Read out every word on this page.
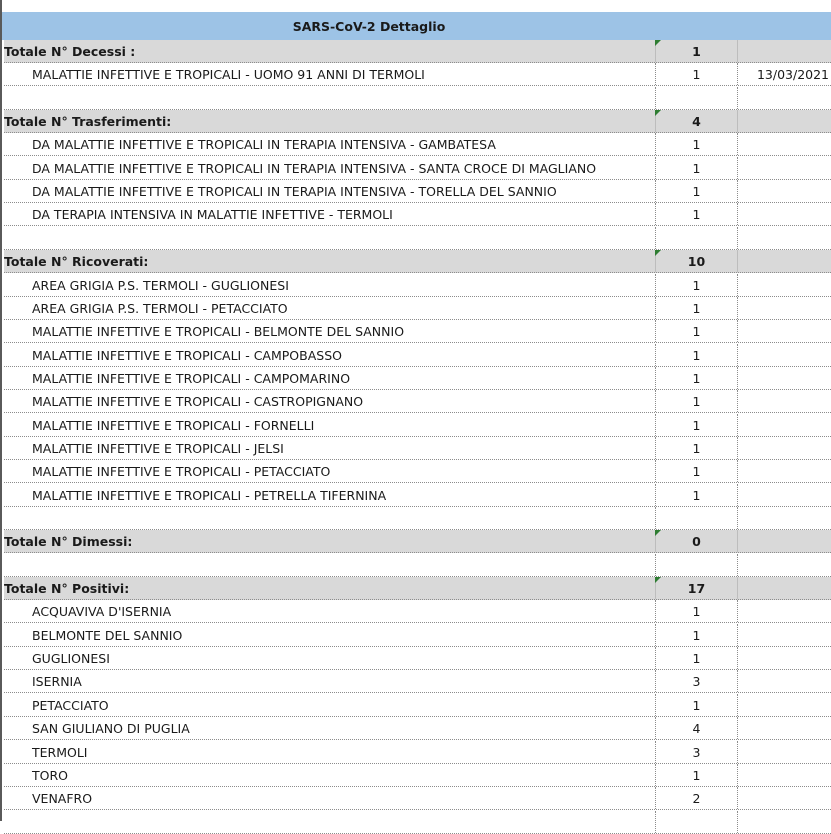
SARS-CoV-2 Dettaglio
Totale N° Decessi :	1
MALATTIE INFETTIVE E TROPICALI - UOMO 91 ANNI DI TERMOLI	1	13/03/2021
Totale N° Trasferimenti:	4
DA MALATTIE INFETTIVE E TROPICALI IN TERAPIA INTENSIVA - GAMBATESA	1
DA MALATTIE INFETTIVE E TROPICALI IN TERAPIA INTENSIVA - SANTA CROCE DI MAGLIANO	1
DA MALATTIE INFETTIVE E TROPICALI IN TERAPIA INTENSIVA - TORELLA DEL SANNIO	1
DA TERAPIA INTENSIVA IN MALATTIE INFETTIVE - TERMOLI	1
Totale N° Ricoverati:	10
AREA GRIGIA P.S. TERMOLI - GUGLIONESI	1
AREA GRIGIA P.S. TERMOLI - PETACCIATO	1
MALATTIE INFETTIVE E TROPICALI - BELMONTE DEL SANNIO	1
MALATTIE INFETTIVE E TROPICALI - CAMPOBASSO	1
MALATTIE INFETTIVE E TROPICALI - CAMPOMARINO	1
MALATTIE INFETTIVE E TROPICALI - CASTROPIGNANO	1
MALATTIE INFETTIVE E TROPICALI - FORNELLI	1
MALATTIE INFETTIVE E TROPICALI - JELSI	1
MALATTIE INFETTIVE E TROPICALI - PETACCIATO	1
MALATTIE INFETTIVE E TROPICALI - PETRELLA TIFERNINA	1
Totale N° Dimessi:	0
Totale N° Positivi:	17
ACQUAVIVA D'ISERNIA	1
BELMONTE DEL SANNIO	1
GUGLIONESI	1
ISERNIA	3
PETACCIATO	1
SAN GIULIANO DI PUGLIA	4
TERMOLI	3
TORO	1
VENAFRO	2
